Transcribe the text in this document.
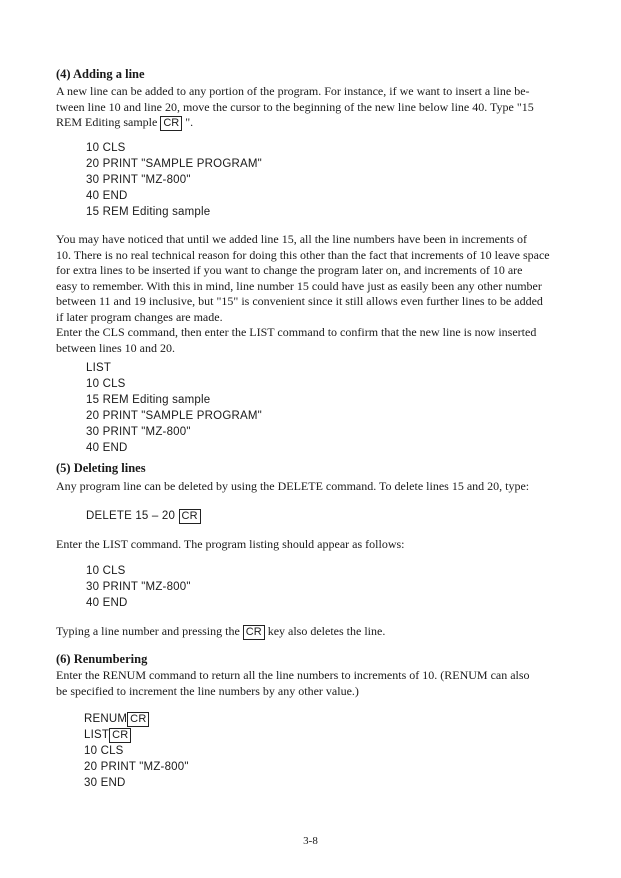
(4) Adding a line
A new line can be added to any portion of the program. For instance, if we want to insert a line be-
tween line 10 and line 20, move the cursor to the beginning of the new line below line 40. Type "15
REM Editing sample CR ".
10 CLS
20 PRINT "SAMPLE PROGRAM"
30 PRINT "MZ-800"
40 END
15 REM Editing sample
You may have noticed that until we added line 15, all the line numbers have been in increments of
10. There is no real technical reason for doing this other than the fact that increments of 10 leave space
for extra lines to be inserted if you want to change the program later on, and increments of 10 are
easy to remember. With this in mind, line number 15 could have just as easily been any other number
between 11 and 19 inclusive, but "15" is convenient since it still allows even further lines to be added
if later program changes are made.
Enter the CLS command, then enter the LIST command to confirm that the new line is now inserted
between lines 10 and 20.
LIST
10 CLS
15 REM Editing sample
20 PRINT "SAMPLE PROGRAM"
30 PRINT "MZ-800"
40 END
(5) Deleting lines
Any program line can be deleted by using the DELETE command. To delete lines 15 and 20, type:
DELETE 15 – 20 CR
Enter the LIST command. The program listing should appear as follows:
10 CLS
30 PRINT "MZ-800"
40 END
Typing a line number and pressing the CR key also deletes the line.
(6) Renumbering
Enter the RENUM command to return all the line numbers to increments of 10. (RENUM can also
be specified to increment the line numbers by any other value.)
RENUM CR
LIST CR
10 CLS
20 PRINT "MZ-800"
30 END
3-8
